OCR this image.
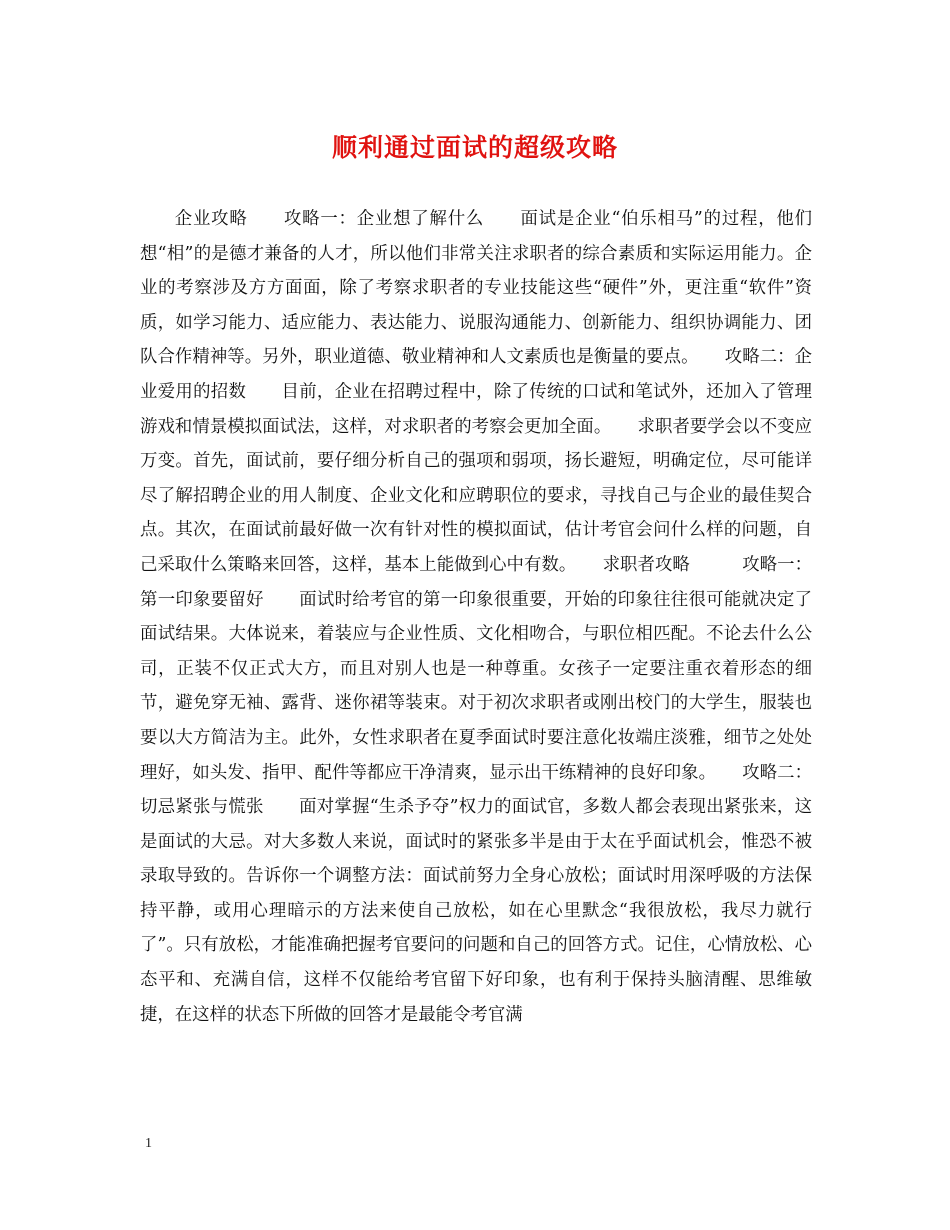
顺利通过面试的超级攻略

企业攻略　　攻略一：企业想了解什么　　面试是企业“伯乐相马”的过程，他们想“相”的是德才兼备的人才，所以他们非常关注求职者的综合素质和实际运用能力。企业的考察涉及方方面面，除了考察求职者的专业技能这些“硬件”外，更注重“软件”资质，如学习能力、适应能力、表达能力、说服沟通能力、创新能力、组织协调能力、团队合作精神等。另外，职业道德、敬业精神和人文素质也是衡量的要点。　　攻略二：企业爱用的招数　　目前，企业在招聘过程中，除了传统的口试和笔试外，还加入了管理游戏和情景模拟面试法，这样，对求职者的考察会更加全面。　　求职者要学会以不变应万变。首先，面试前，要仔细分析自己的强项和弱项，扬长避短，明确定位，尽可能详尽了解招聘企业的用人制度、企业文化和应聘职位的要求，寻找自己与企业的最佳契合点。其次，在面试前最好做一次有针对性的模拟面试，估计考官会问什么样的问题，自己采取什么策略来回答，这样，基本上能做到心中有数。　　求职者攻略　　　攻略一：第一印象要留好　　面试时给考官的第一印象很重要，开始的印象往往很可能就决定了面试结果。大体说来，着装应与企业性质、文化相吻合，与职位相匹配。不论去什么公司，正装不仅正式大方，而且对别人也是一种尊重。女孩子一定要注重衣着形态的细节，避免穿无袖、露背、迷你裙等装束。对于初次求职者或刚出校门的大学生，服装也要以大方简洁为主。此外，女性求职者在夏季面试时要注意化妆端庄淡雅，细节之处处理好，如头发、指甲、配件等都应干净清爽，显示出干练精神的良好印象。　　攻略二：切忌紧张与慌张　　面对掌握“生杀予夺”权力的面试官，多数人都会表现出紧张来，这是面试的大忌。对大多数人来说，面试时的紧张多半是由于太在乎面试机会，惟恐不被录取导致的。告诉你一个调整方法：面试前努力全身心放松；面试时用深呼吸的方法保持平静，或用心理暗示的方法来使自己放松，如在心里默念“我很放松，我尽力就行了”。只有放松，才能准确把握考官要问的问题和自己的回答方式。记住，心情放松、心态平和、充满自信，这样不仅能给考官留下好印象，也有利于保持头脑清醒、思维敏捷，在这样的状态下所做的回答才是最能令考官满

1
